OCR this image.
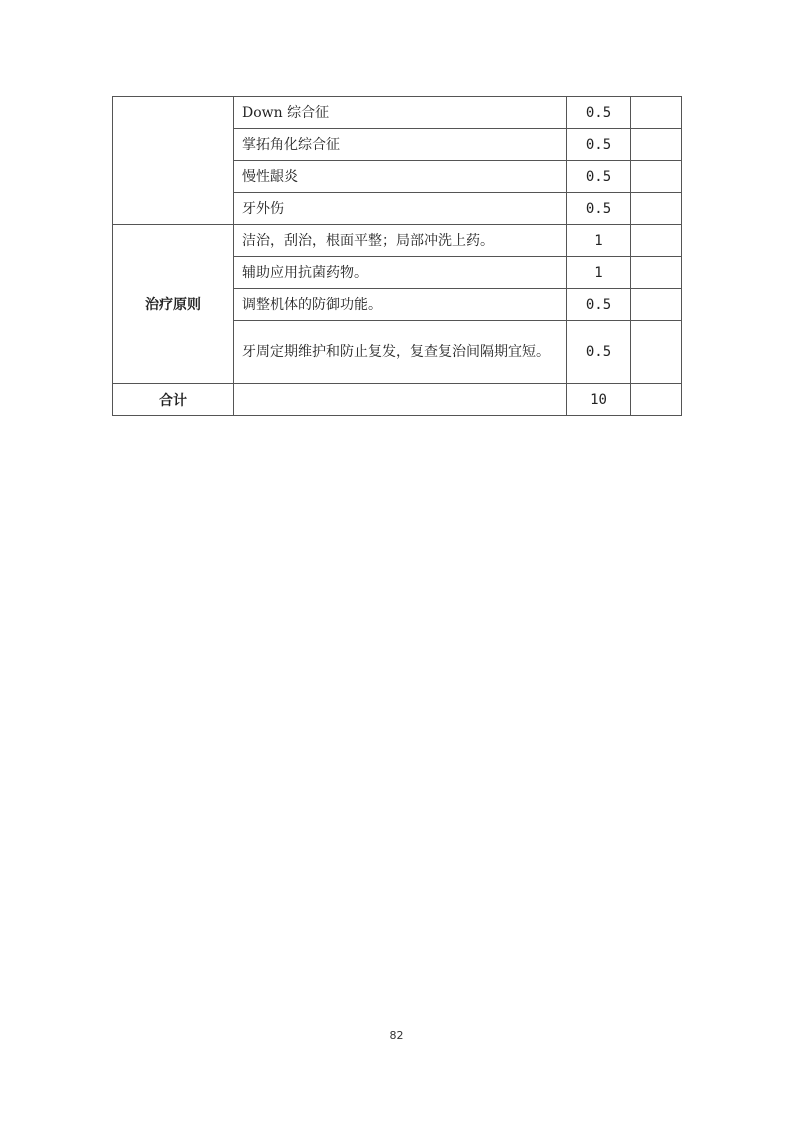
	Down 综合征	0.5	
	掌拓角化综合征	0.5	
	慢性龈炎	0.5	
	牙外伤	0.5	
治疗原则	洁治，刮治，根面平整；局部冲洗上药。	1	
	辅助应用抗菌药物。	1	
	调整机体的防御功能。	0.5	
	牙周定期维护和防止复发，复查复治间隔期宜短。	0.5	
合计		10	
82
